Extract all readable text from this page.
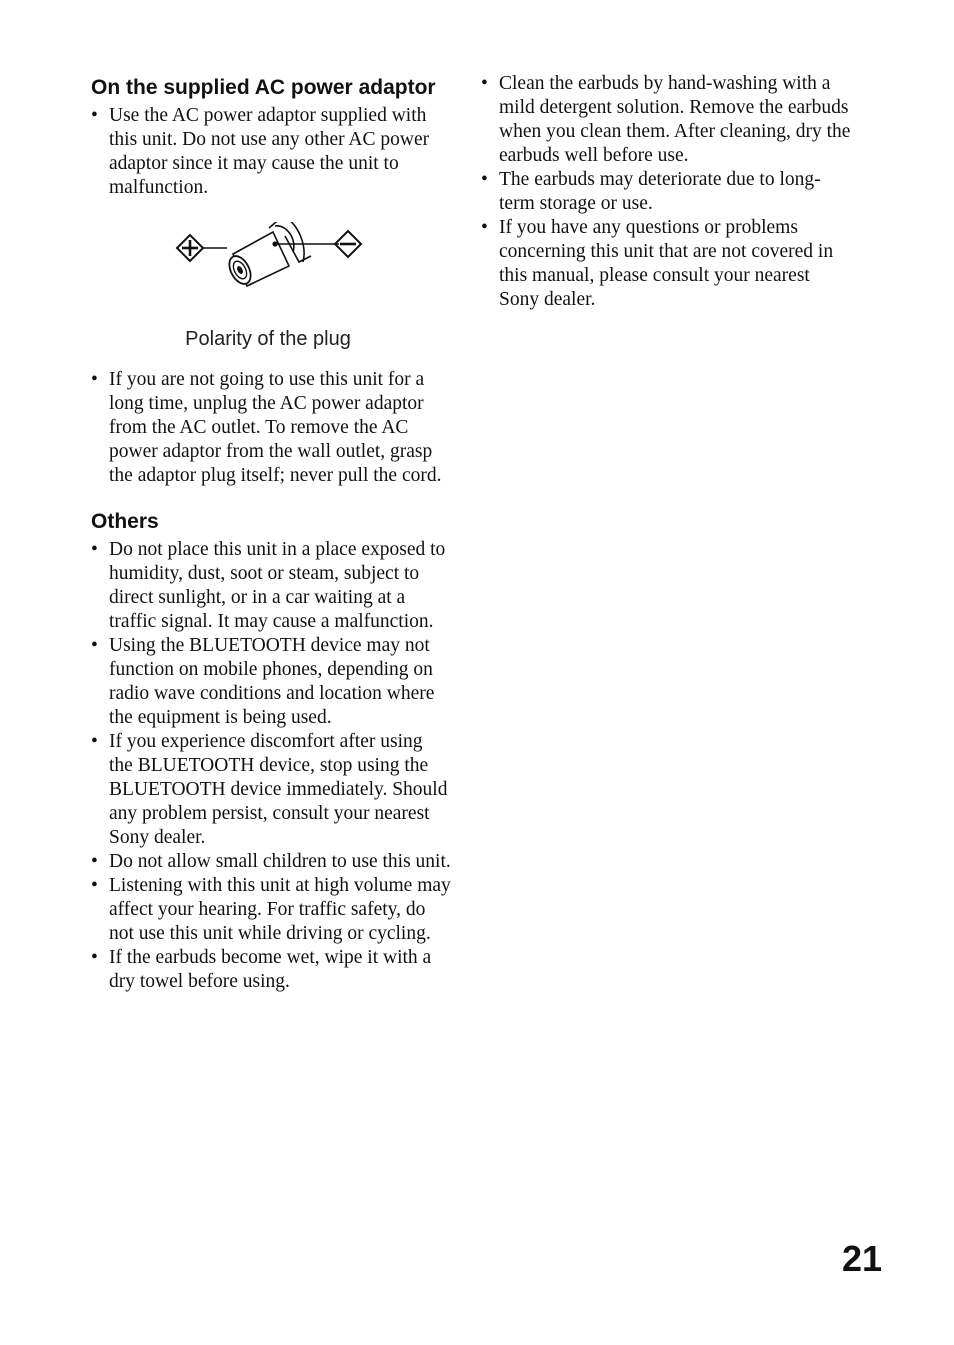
On the supplied AC power adaptor
• Use the AC power adaptor supplied with this unit. Do not use any other AC power adaptor since it may cause the unit to malfunction.
Polarity of the plug
• If you are not going to use this unit for a long time, unplug the AC power adaptor from the AC outlet. To remove the AC power adaptor from the wall outlet, grasp the adaptor plug itself; never pull the cord.
Others
• Do not place this unit in a place exposed to humidity, dust, soot or steam, subject to direct sunlight, or in a car waiting at a traffic signal. It may cause a malfunction.
• Using the BLUETOOTH device may not function on mobile phones, depending on radio wave conditions and location where the equipment is being used.
• If you experience discomfort after using the BLUETOOTH device, stop using the BLUETOOTH device immediately. Should any problem persist, consult your nearest Sony dealer.
• Do not allow small children to use this unit.
• Listening with this unit at high volume may affect your hearing. For traffic safety, do not use this unit while driving or cycling.
• If the earbuds become wet, wipe it with a dry towel before using.
• Clean the earbuds by hand-washing with a mild detergent solution. Remove the earbuds when you clean them. After cleaning, dry the earbuds well before use.
• The earbuds may deteriorate due to long-term storage or use.
• If you have any questions or problems concerning this unit that are not covered in this manual, please consult your nearest Sony dealer.
21
